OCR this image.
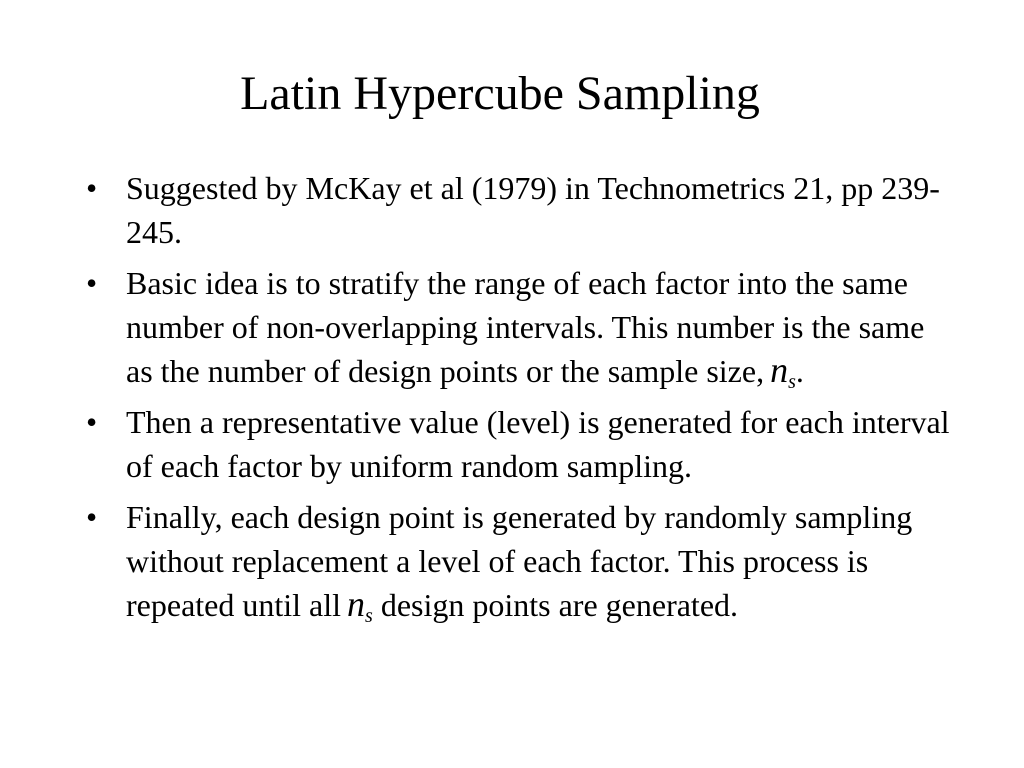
Latin Hypercube Sampling
• Suggested by McKay et al (1979) in Technometrics 21, pp 239-245.
• Basic idea is to stratify the range of each factor into the same number of non-overlapping intervals. This number is the same as the number of design points or the sample size, $n_s$.
• Then a representative value (level) is generated for each interval of each factor by uniform random sampling.
• Finally, each design point is generated by randomly sampling without replacement a level of each factor. This process is repeated until all $n_s$ design points are generated.
